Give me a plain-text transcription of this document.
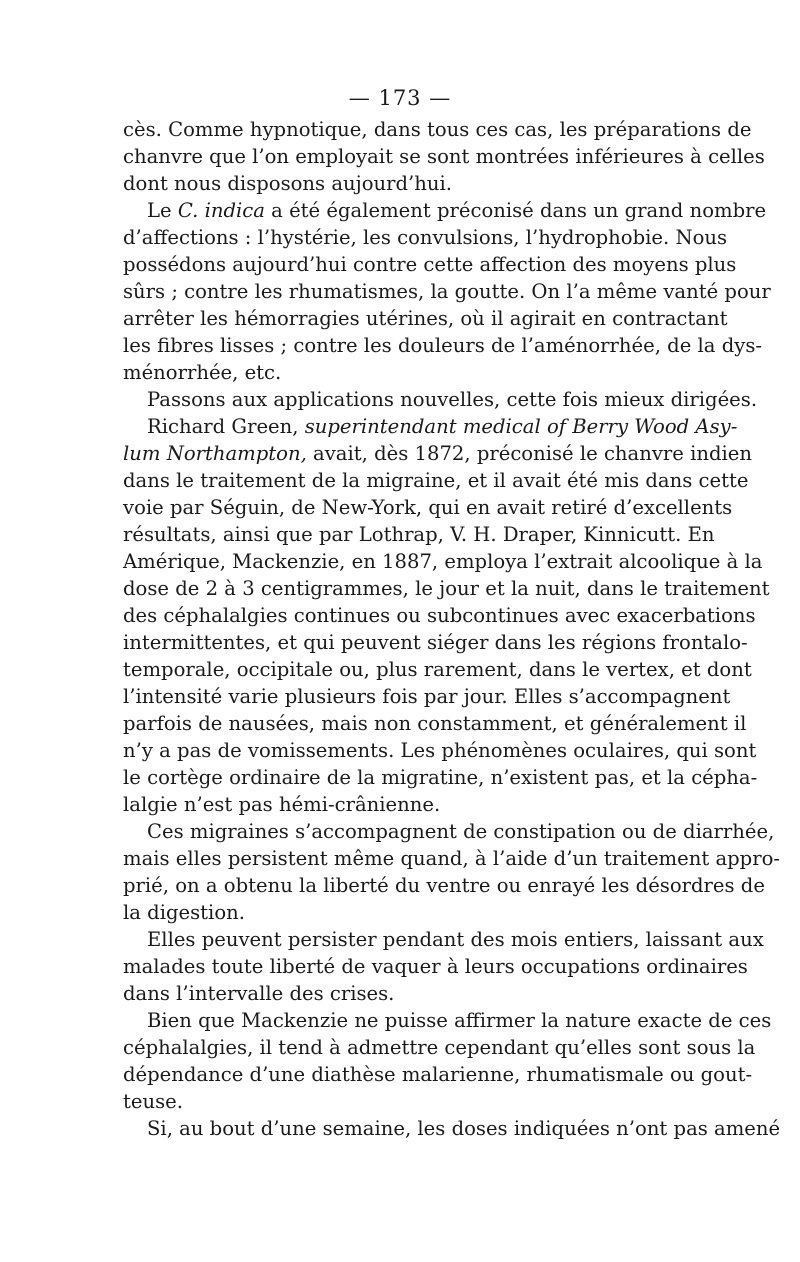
— 173 —
cès. Comme hypnotique, dans tous ces cas, les préparations de
chanvre que l’on employait se sont montrées inférieures à celles
dont nous disposons aujourd’hui.
Le C. indica a été également préconisé dans un grand nombre
d’affections : l’hystérie, les convulsions, l’hydrophobie. Nous
possédons aujourd’hui contre cette affection des moyens plus
sûrs ; contre les rhumatismes, la goutte. On l’a même vanté pour
arrêter les hémorragies utérines, où il agirait en contractant
les fibres lisses ; contre les douleurs de l’aménorrhée, de la dys-
ménorrhée, etc.
Passons aux applications nouvelles, cette fois mieux dirigées.
Richard Green, superintendant medical of Berry Wood Asy-
lum Northampton, avait, dès 1872, préconisé le chanvre indien
dans le traitement de la migraine, et il avait été mis dans cette
voie par Séguin, de New-York, qui en avait retiré d’excellents
résultats, ainsi que par Lothrap, V. H. Draper, Kinnicutt. En
Amérique, Mackenzie, en 1887, employa l’extrait alcoolique à la
dose de 2 à 3 centigrammes, le jour et la nuit, dans le traitement
des céphalalgies continues ou subcontinues avec exacerbations
intermittentes, et qui peuvent siéger dans les régions frontalo-
temporale, occipitale ou, plus rarement, dans le vertex, et dont
l’intensité varie plusieurs fois par jour. Elles s’accompagnent
parfois de nausées, mais non constamment, et généralement il
n’y a pas de vomissements. Les phénomènes oculaires, qui sont
le cortège ordinaire de la migratine, n’existent pas, et la cépha-
lalgie n’est pas hémi-crânienne.
Ces migraines s’accompagnent de constipation ou de diarrhée,
mais elles persistent même quand, à l’aide d’un traitement appro-
prié, on a obtenu la liberté du ventre ou enrayé les désordres de
la digestion.
Elles peuvent persister pendant des mois entiers, laissant aux
malades toute liberté de vaquer à leurs occupations ordinaires
dans l’intervalle des crises.
Bien que Mackenzie ne puisse affirmer la nature exacte de ces
céphalalgies, il tend à admettre cependant qu’elles sont sous la
dépendance d’une diathèse malarienne, rhumatismale ou gout-
teuse.
Si, au bout d’une semaine, les doses indiquées n’ont pas amené
